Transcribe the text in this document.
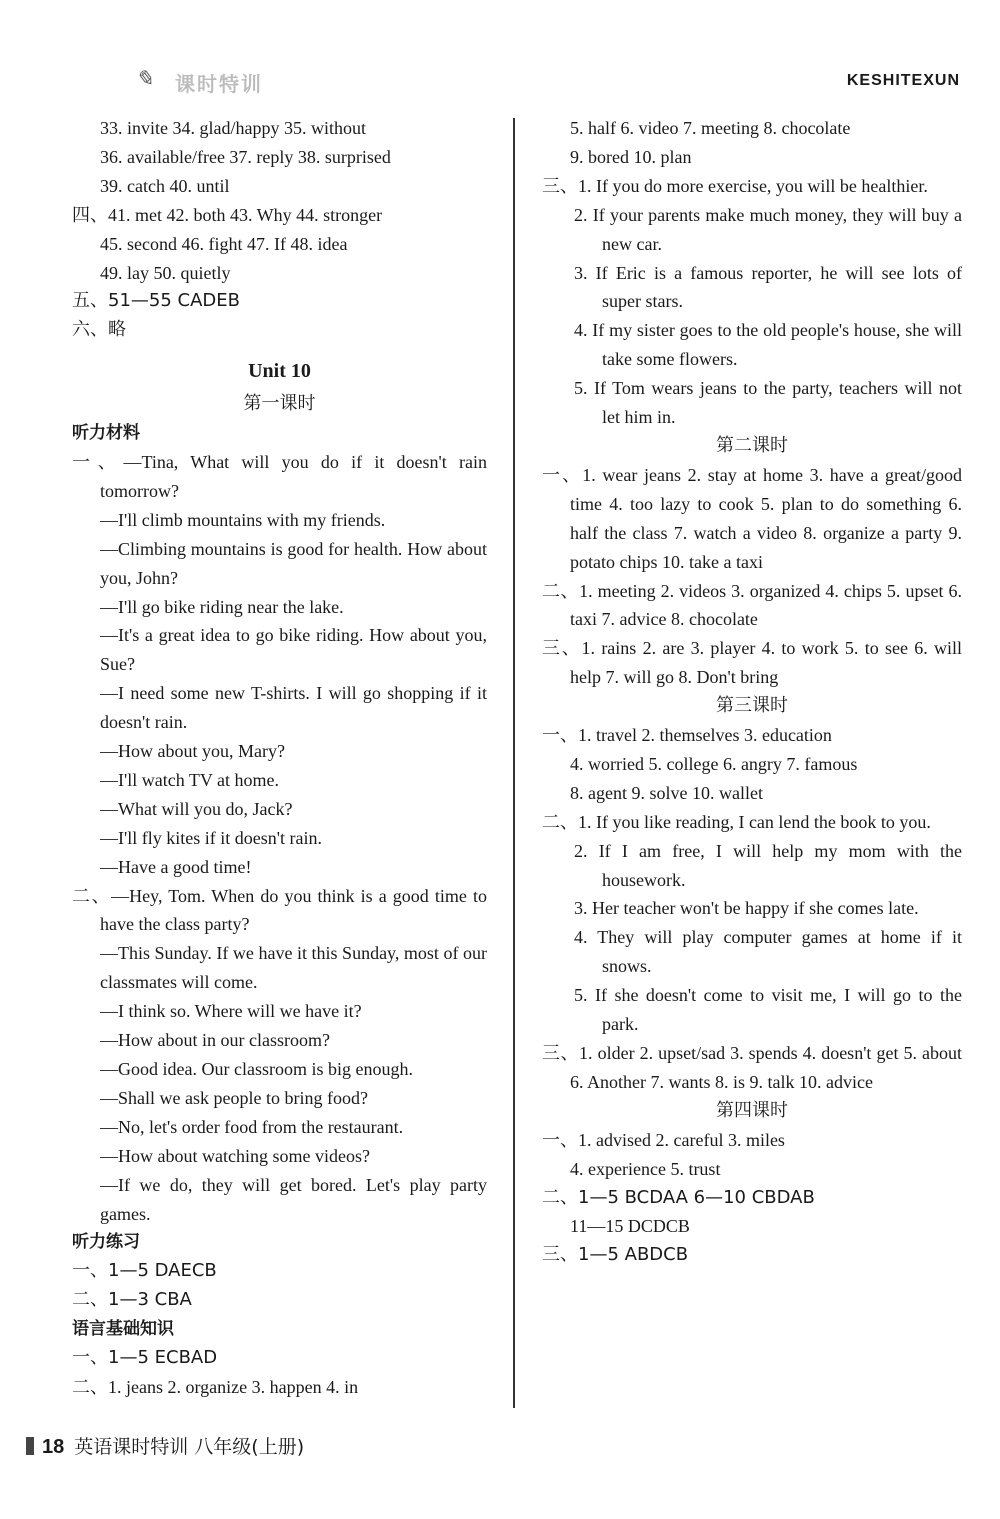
✎ 课时特训	KESHITEXUN
33. invite 34. glad/happy 35. without
36. available/free 37. reply 38. surprised
39. catch 40. until
四、41. met 42. both 43. Why 44. stronger
45. second 46. fight 47. If 48. idea
49. lay 50. quietly
五、51—55 CADEB
六、略
Unit 10
第一课时
听力材料
一、—Tina, What will you do if it doesn't rain tomorrow?
—I'll climb mountains with my friends.
—Climbing mountains is good for health. How about you, John?
—I'll go bike riding near the lake.
—It's a great idea to go bike riding. How about you, Sue?
—I need some new T-shirts. I will go shopping if it doesn't rain.
—How about you, Mary?
—I'll watch TV at home.
—What will you do, Jack?
—I'll fly kites if it doesn't rain.
—Have a good time!
二、—Hey, Tom. When do you think is a good time to have the class party?
—This Sunday. If we have it this Sunday, most of our classmates will come.
—I think so. Where will we have it?
—How about in our classroom?
—Good idea. Our classroom is big enough.
—Shall we ask people to bring food?
—No, let's order food from the restaurant.
—How about watching some videos?
—If we do, they will get bored. Let's play party games.
听力练习
一、1—5 DAECB
二、1—3 CBA
语言基础知识
一、1—5 ECBAD
二、1. jeans 2. organize 3. happen 4. in
5. half 6. video 7. meeting 8. chocolate
9. bored 10. plan
三、1. If you do more exercise, you will be healthier.
2. If your parents make much money, they will buy a new car.
3. If Eric is a famous reporter, he will see lots of super stars.
4. If my sister goes to the old people's house, she will take some flowers.
5. If Tom wears jeans to the party, teachers will not let him in.
第二课时
一、1. wear jeans 2. stay at home 3. have a great/good time 4. too lazy to cook 5. plan to do something 6. half the class 7. watch a video 8. organize a party 9. potato chips 10. take a taxi
二、1. meeting 2. videos 3. organized 4. chips 5. upset 6. taxi 7. advice 8. chocolate
三、1. rains 2. are 3. player 4. to work 5. to see 6. will help 7. will go 8. Don't bring
第三课时
一、1. travel 2. themselves 3. education
4. worried 5. college 6. angry 7. famous
8. agent 9. solve 10. wallet
二、1. If you like reading, I can lend the book to you.
2. If I am free, I will help my mom with the housework.
3. Her teacher won't be happy if she comes late.
4. They will play computer games at home if it snows.
5. If she doesn't come to visit me, I will go to the park.
三、1. older 2. upset/sad 3. spends 4. doesn't get 5. about 6. Another 7. wants 8. is 9. talk 10. advice
第四课时
一、1. advised 2. careful 3. miles
4. experience 5. trust
二、1—5 BCDAA 6—10 CBDAB
11—15 DCDCB
三、1—5 ABDCB
18 英语课时特训 八年级(上册)
